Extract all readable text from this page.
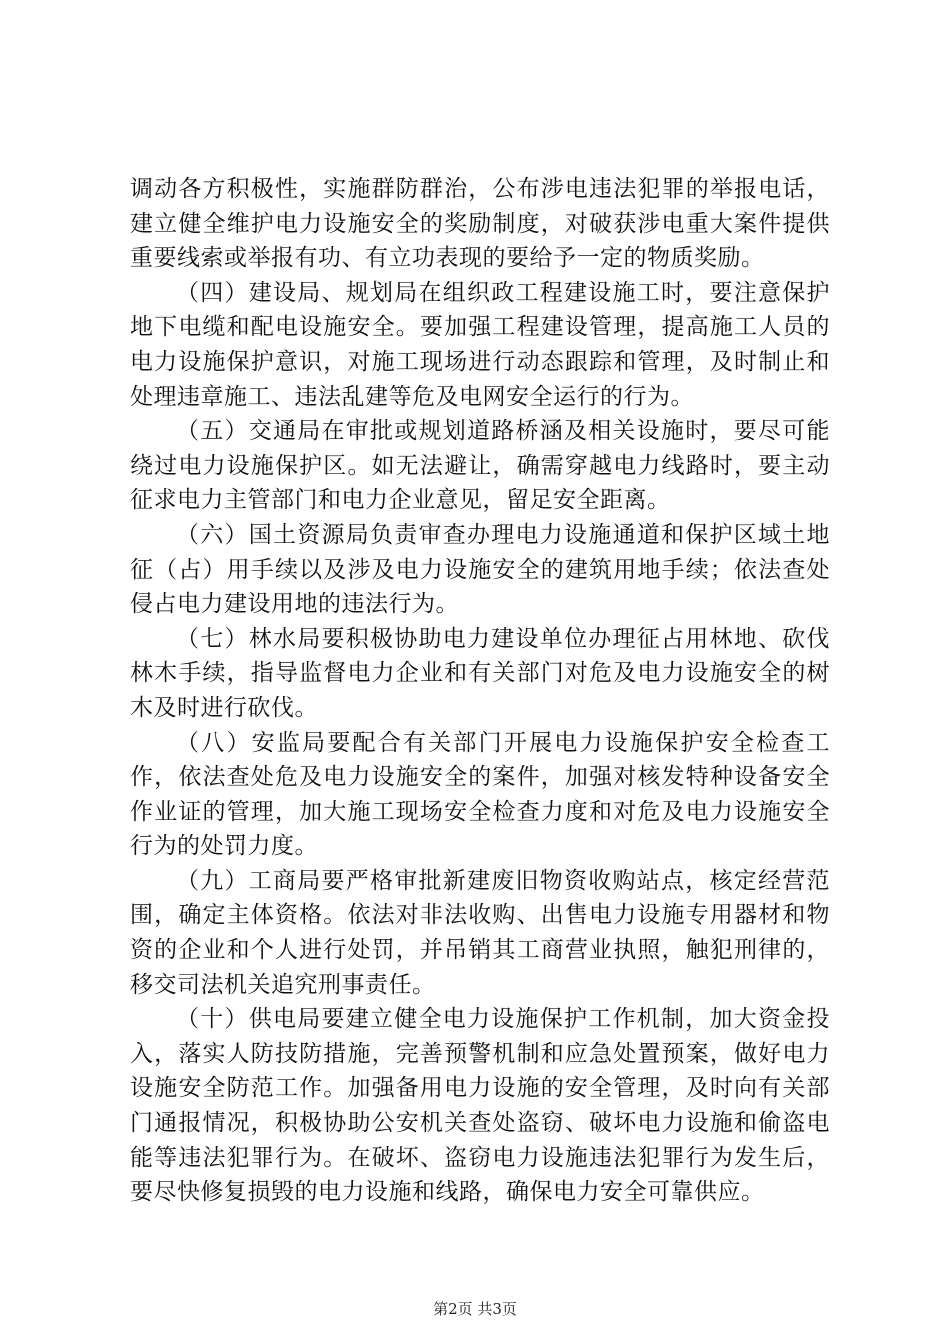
调动各方积极性，实施群防群治，公布涉电违法犯罪的举报电话，建立健全维护电力设施安全的奖励制度，对破获涉电重大案件提供重要线索或举报有功、有立功表现的要给予一定的物质奖励。

（四）建设局、规划局在组织政工程建设施工时，要注意保护地下电缆和配电设施安全。要加强工程建设管理，提高施工人员的电力设施保护意识，对施工现场进行动态跟踪和管理，及时制止和处理违章施工、违法乱建等危及电网安全运行的行为。

（五）交通局在审批或规划道路桥涵及相关设施时，要尽可能绕过电力设施保护区。如无法避让，确需穿越电力线路时，要主动征求电力主管部门和电力企业意见，留足安全距离。

（六）国土资源局负责审查办理电力设施通道和保护区域土地征（占）用手续以及涉及电力设施安全的建筑用地手续；依法查处侵占电力建设用地的违法行为。

（七）林水局要积极协助电力建设单位办理征占用林地、砍伐林木手续，指导监督电力企业和有关部门对危及电力设施安全的树木及时进行砍伐。

（八）安监局要配合有关部门开展电力设施保护安全检查工作，依法查处危及电力设施安全的案件，加强对核发特种设备安全作业证的管理，加大施工现场安全检查力度和对危及电力设施安全行为的处罚力度。

（九）工商局要严格审批新建废旧物资收购站点，核定经营范围，确定主体资格。依法对非法收购、出售电力设施专用器材和物资的企业和个人进行处罚，并吊销其工商营业执照，触犯刑律的，移交司法机关追究刑事责任。

（十）供电局要建立健全电力设施保护工作机制，加大资金投入，落实人防技防措施，完善预警机制和应急处置预案，做好电力设施安全防范工作。加强备用电力设施的安全管理，及时向有关部门通报情况，积极协助公安机关查处盗窃、破坏电力设施和偷盗电能等违法犯罪行为。在破坏、盗窃电力设施违法犯罪行为发生后，要尽快修复损毁的电力设施和线路，确保电力安全可靠供应。

第2页 共3页
